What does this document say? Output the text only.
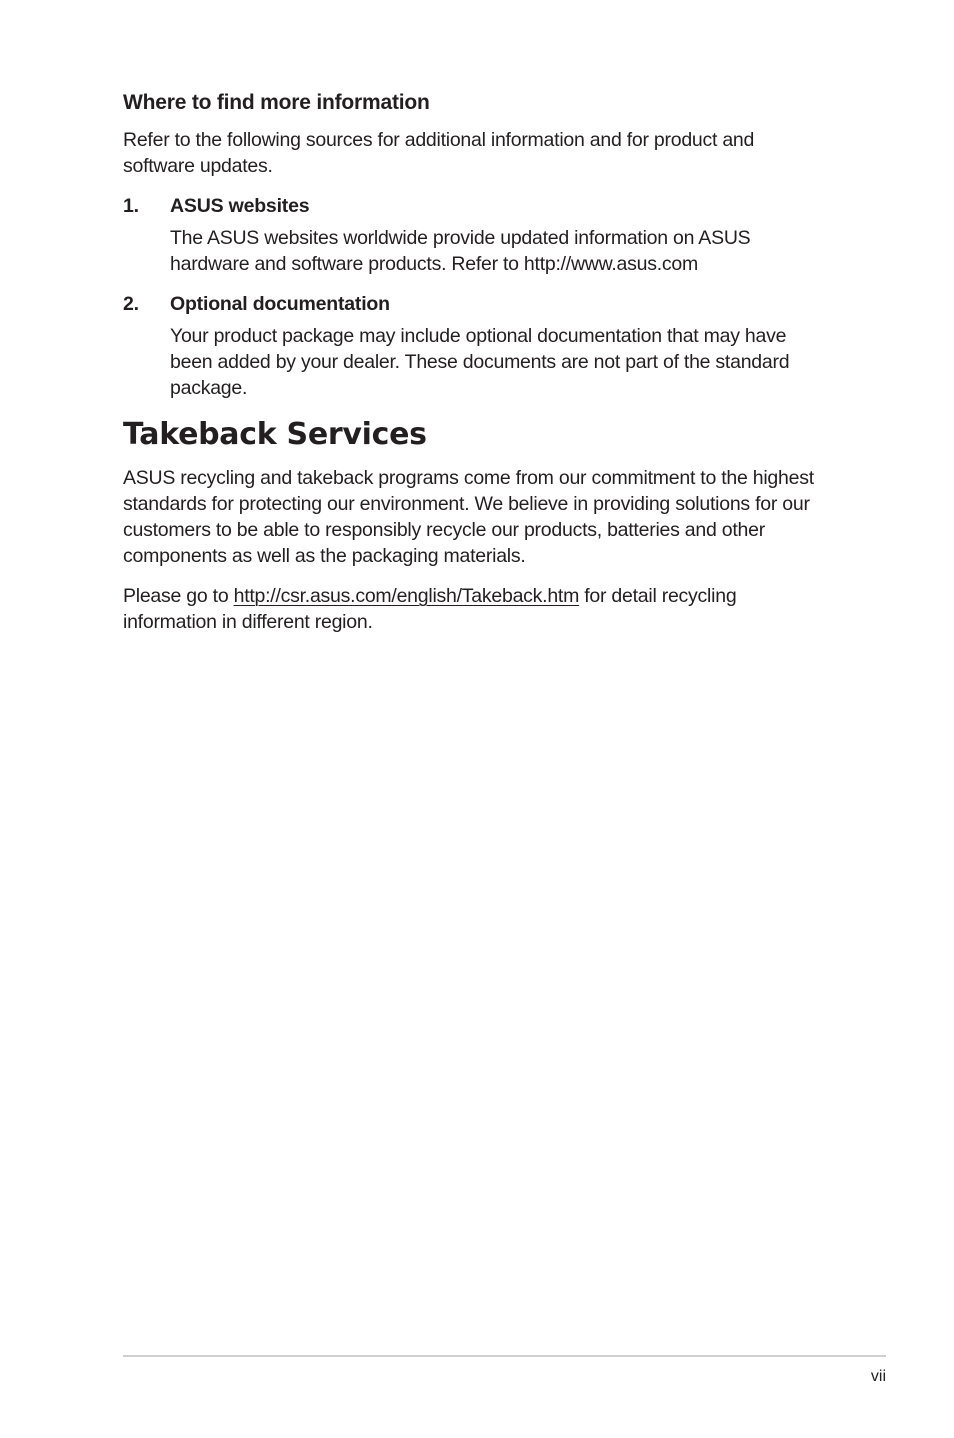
Where to find more information

Refer to the following sources for additional information and for product and software updates.

1.	ASUS websites

The ASUS websites worldwide provide updated information on ASUS hardware and software products. Refer to http://www.asus.com

2.	Optional documentation

Your product package may include optional documentation that may have been added by your dealer. These documents are not part of the standard package.

Takeback Services

ASUS recycling and takeback programs come from our commitment to the highest standards for protecting our environment. We believe in providing solutions for our customers to be able to responsibly recycle our products, batteries and other components as well as the packaging materials.

Please go to http://csr.asus.com/english/Takeback.htm for detail recycling information in different region.

vii
